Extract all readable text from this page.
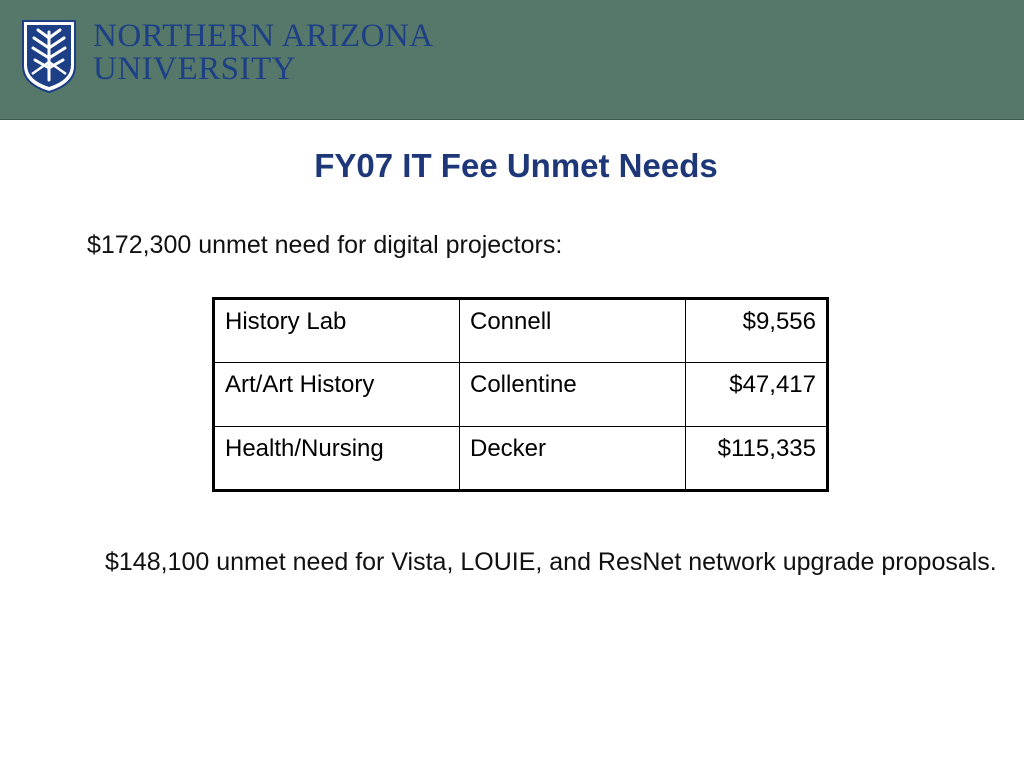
NORTHERN ARIZONA
UNIVERSITY
FY07 IT Fee Unmet Needs
$172,300 unmet need for digital projectors:
History Lab	Connell	$9,556
Art/Art History	Collentine	$47,417
Health/Nursing	Decker	$115,335
$148,100 unmet need for Vista, LOUIE, and ResNet network upgrade proposals.
